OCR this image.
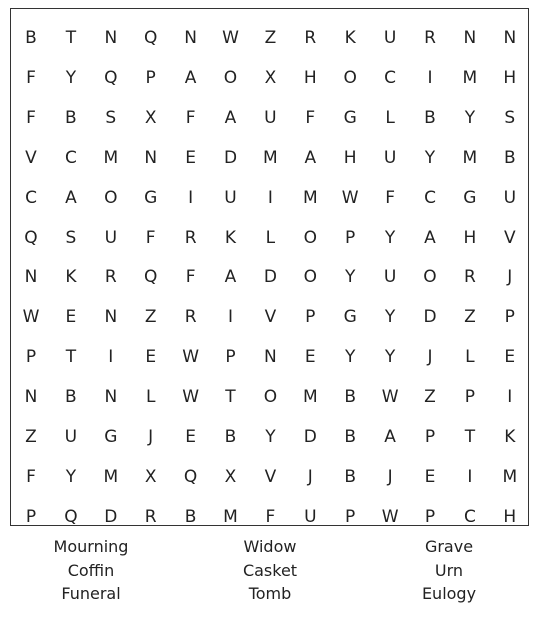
B	T	N	Q	N	W	Z	R	K	U	R	N	N
F	Y	Q	P	A	O	X	H	O	C	I	M	H
F	B	S	X	F	A	U	F	G	L	B	Y	S
V	C	M	N	E	D	M	A	H	U	Y	M	B
C	A	O	G	I	U	I	M	W	F	C	G	U
Q	S	U	F	R	K	L	O	P	Y	A	H	V
N	K	R	Q	F	A	D	O	Y	U	O	R	J
W	E	N	Z	R	I	V	P	G	Y	D	Z	P
P	T	I	E	W	P	N	E	Y	Y	J	L	E
N	B	N	L	W	T	O	M	B	W	Z	P	I
Z	U	G	J	E	B	Y	D	B	A	P	T	K
F	Y	M	X	Q	X	V	J	B	J	E	I	M
P	Q	D	R	B	M	F	U	P	W	P	C	H
Mourning
Coffin
Funeral
Widow
Casket
Tomb
Grave
Urn
Eulogy
